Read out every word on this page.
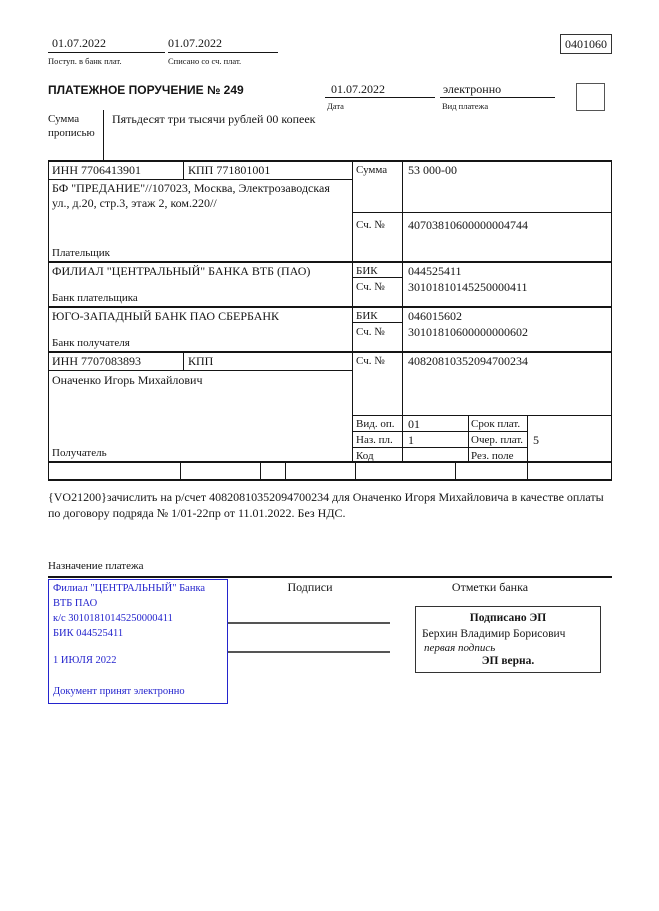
01.07.2022
Поступ. в банк плат.
01.07.2022
Списано со сч. плат.
0401060
ПЛАТЕЖНОЕ ПОРУЧЕНИЕ № 249	01.07.2022
Дата
электронно
Вид платежа
Сумма
прописью
Пятьдесят три тысячи рублей 00 копеек
ИНН 7706413901	КПП 771801001	Сумма 53 000-00
БФ "ПРЕДАНИЕ"//107023, Москва, Электрозаводская ул., д.20, стр.3, этаж 2, ком.220//
Плательщик
Сч. № 40703810600000004744
ФИЛИАЛ "ЦЕНТРАЛЬНЫЙ" БАНКА ВТБ (ПАО)	БИК	044525411
Сч. № 30101810145250000411
Банк плательщика
ЮГО-ЗАПАДНЫЙ БАНК ПАО СБЕРБАНК	БИК	046015602
Сч. № 30101810600000000602
Банк получателя
ИНН 7707083893	КПП	Сч. № 40820810352094700234
Оначенко Игорь Михайлович
Получатель
Вид. оп. 01	Срок плат.
Наз. пл. 1	Очер. плат. 5
Код	Рез. поле
{VO21200}зачислить на р/счет 40820810352094700234 для Оначенко Игоря Михайловича в качестве оплаты по договору подряда № 1/01-22пр от 11.01.2022. Без НДС.
Назначение платежа
Подписи	Отметки банка
Филиал "ЦЕНТРАЛЬНЫЙ" Банка
ВТБ ПАО
к/с 30101810145250000411
БИК 044525411
1 ИЮЛЯ 2022
Документ принят электронно
Подписано ЭП
Берхин Владимир Борисович
первая подпись
ЭП верна.
